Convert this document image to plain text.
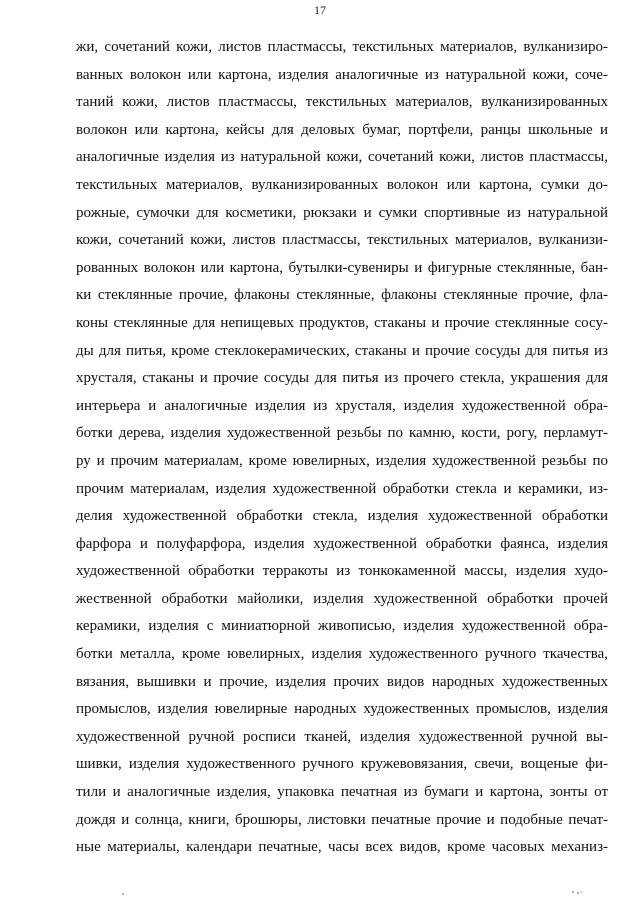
17
жи, сочетаний кожи, листов пластмассы, текстильных материалов, вулканизиро-
ванных волокон или картона, изделия аналогичные из натуральной кожи, соче-
таний кожи, листов пластмассы, текстильных материалов, вулканизированных
волокон или картона, кейсы для деловых бумаг, портфели, ранцы школьные и
аналогичные изделия из натуральной кожи, сочетаний кожи, листов пластмассы,
текстильных материалов, вулканизированных волокон или картона, сумки до-
рожные, сумочки для косметики, рюкзаки и сумки спортивные из натуральной
кожи, сочетаний кожи, листов пластмассы, текстильных материалов, вулканизи-
рованных волокон или картона, бутылки-сувениры и фигурные стеклянные, бан-
ки стеклянные прочие, флаконы стеклянные, флаконы стеклянные прочие, фла-
коны стеклянные для непищевых продуктов, стаканы и прочие стеклянные сосу-
ды для питья, кроме стеклокерамических, стаканы и прочие сосуды для питья из
хрусталя, стаканы и прочие сосуды для питья из прочего стекла, украшения для
интерьера и аналогичные изделия из хрусталя, изделия художественной обра-
ботки дерева, изделия художественной резьбы по камню, кости, рогу, перламут-
ру и прочим материалам, кроме ювелирных, изделия художественной резьбы по
прочим материалам, изделия художественной обработки стекла и керамики, из-
делия художественной обработки стекла, изделия художественной обработки
фарфора и полуфарфора, изделия художественной обработки фаянса, изделия
художественной обработки терракоты из тонкокаменной массы, изделия худо-
жественной обработки майолики, изделия художественной обработки прочей
керамики, изделия с миниатюрной живописью, изделия художественной обра-
ботки металла, кроме ювелирных, изделия художественного ручного ткачества,
вязания, вышивки и прочие, изделия прочих видов народных художественных
промыслов, изделия ювелирные народных художественных промыслов, изделия
художественной ручной росписи тканей, изделия художественной ручной вы-
шивки, изделия художественного ручного кружевовязания, свечи, вощеные фи-
тили и аналогичные изделия, упаковка печатная из бумаги и картона, зонты от
дождя и солнца, книги, брошюры, листовки печатные прочие и подобные печат-
ные материалы, календари печатные, часы всех видов, кроме часовых механиз-
